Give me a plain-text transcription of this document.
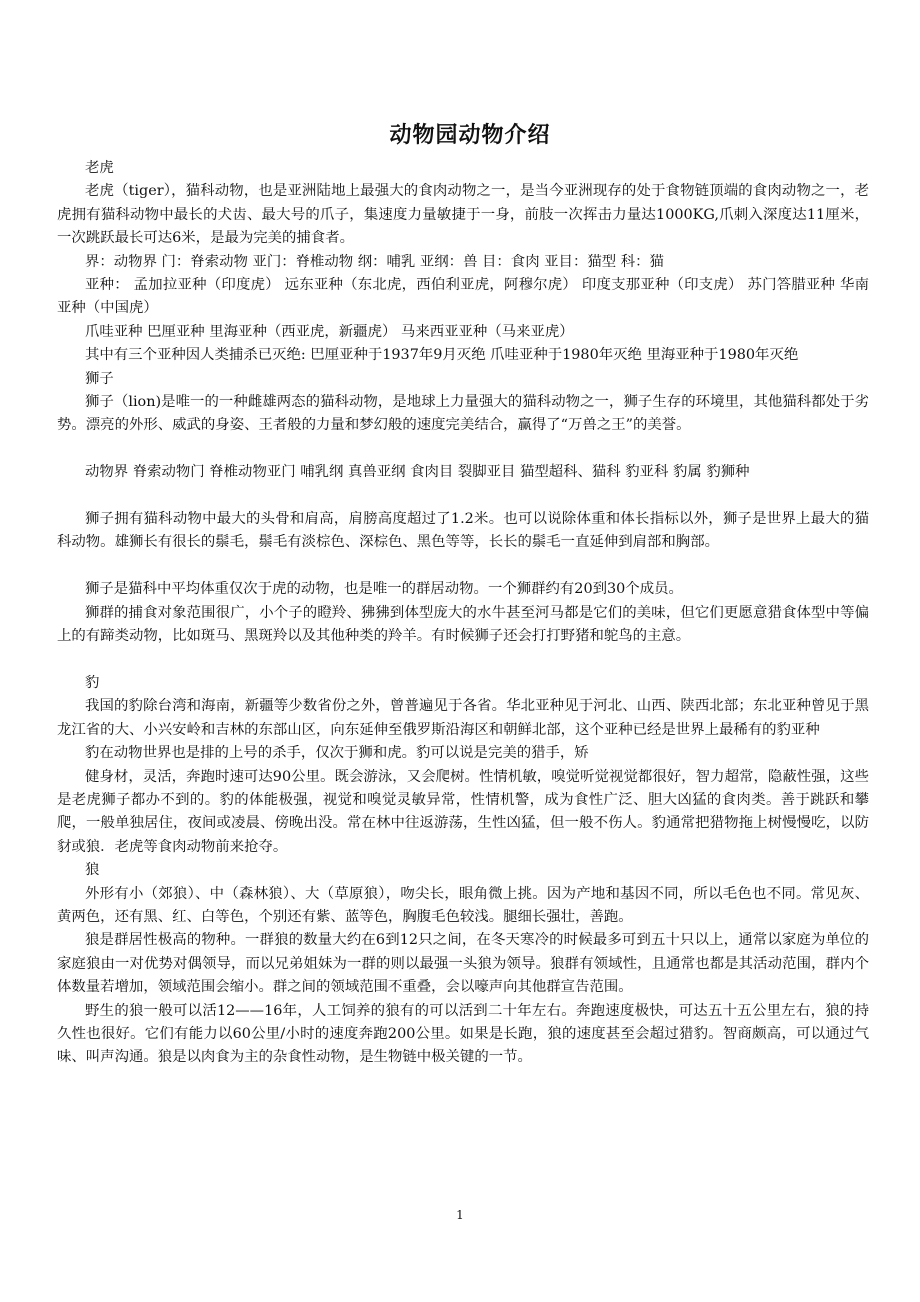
动物园动物介绍

老虎

老虎（tiger），猫科动物，也是亚洲陆地上最强大的食肉动物之一，是当今亚洲现存的处于食物链顶端的食肉动物之一，老虎拥有猫科动物中最长的犬齿、最大号的爪子，集速度力量敏捷于一身，前肢一次挥击力量达1000KG,爪刺入深度达11厘米，一次跳跃最长可达6米，是最为完美的捕食者。

界：动物界 门：脊索动物 亚门：脊椎动物 纲：哺乳 亚纲：兽 目：食肉 亚目：猫型 科：猫

亚种： 孟加拉亚种（印度虎） 远东亚种（东北虎，西伯利亚虎，阿穆尔虎） 印度支那亚种（印支虎） 苏门答腊亚种 华南亚种（中国虎）

爪哇亚种 巴厘亚种 里海亚种（西亚虎，新疆虎） 马来西亚亚种（马来亚虎）

其中有三个亚种因人类捕杀已灭绝: 巴厘亚种于1937年9月灭绝 爪哇亚种于1980年灭绝 里海亚种于1980年灭绝

狮子

狮子（lion)是唯一的一种雌雄两态的猫科动物，是地球上力量强大的猫科动物之一，狮子生存的环境里，其他猫科都处于劣势。漂亮的外形、威武的身姿、王者般的力量和梦幻般的速度完美结合，赢得了“万兽之王”的美誉。

动物界 脊索动物门 脊椎动物亚门 哺乳纲 真兽亚纲 食肉目 裂脚亚目 猫型超科、猫科 豹亚科 豹属 豹狮种

狮子拥有猫科动物中最大的头骨和肩高，肩膀高度超过了1.2米。也可以说除体重和体长指标以外，狮子是世界上最大的猫科动物。雄狮长有很长的鬃毛，鬃毛有淡棕色、深棕色、黑色等等，长长的鬃毛一直延伸到肩部和胸部。

狮子是猫科中平均体重仅次于虎的动物，也是唯一的群居动物。一个狮群约有20到30个成员。

狮群的捕食对象范围很广，小个子的瞪羚、狒狒到体型庞大的水牛甚至河马都是它们的美味，但它们更愿意猎食体型中等偏上的有蹄类动物，比如斑马、黑斑羚以及其他种类的羚羊。有时候狮子还会打打野猪和鸵鸟的主意。

豹

我国的豹除台湾和海南，新疆等少数省份之外，曾普遍见于各省。华北亚种见于河北、山西、陕西北部；东北亚种曾见于黑龙江省的大、小兴安岭和吉林的东部山区，向东延伸至俄罗斯沿海区和朝鲜北部，这个亚种已经是世界上最稀有的豹亚种

豹在动物世界也是排的上号的杀手，仅次于狮和虎。豹可以说是完美的猎手，矫

健身材，灵活，奔跑时速可达90公里。既会游泳，又会爬树。性情机敏，嗅觉听觉视觉都很好，智力超常，隐蔽性强，这些是老虎狮子都办不到的。豹的体能极强，视觉和嗅觉灵敏异常，性情机警，成为食性广泛、胆大凶猛的食肉类。善于跳跃和攀爬，一般单独居住，夜间或凌晨、傍晚出没。常在林中往返游荡，生性凶猛，但一般不伤人。豹通常把猎物拖上树慢慢吃，以防豺或狼．老虎等食肉动物前来抢夺。

狼

外形有小（郊狼）、中（森林狼）、大（草原狼），吻尖长，眼角微上挑。因为产地和基因不同，所以毛色也不同。常见灰、黄两色，还有黑、红、白等色，个别还有紫、蓝等色，胸腹毛色较浅。腿细长强壮，善跑。

狼是群居性极高的物种。一群狼的数量大约在6到12只之间，在冬天寒冷的时候最多可到五十只以上，通常以家庭为单位的家庭狼由一对优势对偶领导，而以兄弟姐妹为一群的则以最强一头狼为领导。狼群有领域性，且通常也都是其活动范围，群内个体数量若增加，领域范围会缩小。群之间的领域范围不重叠，会以嚎声向其他群宣告范围。

野生的狼一般可以活12——16年，人工饲养的狼有的可以活到二十年左右。奔跑速度极快，可达五十五公里左右，狼的持久性也很好。它们有能力以60公里/小时的速度奔跑200公里。如果是长跑，狼的速度甚至会超过猎豹。智商颇高，可以通过气味、叫声沟通。狼是以肉食为主的杂食性动物，是生物链中极关键的一节。

1
